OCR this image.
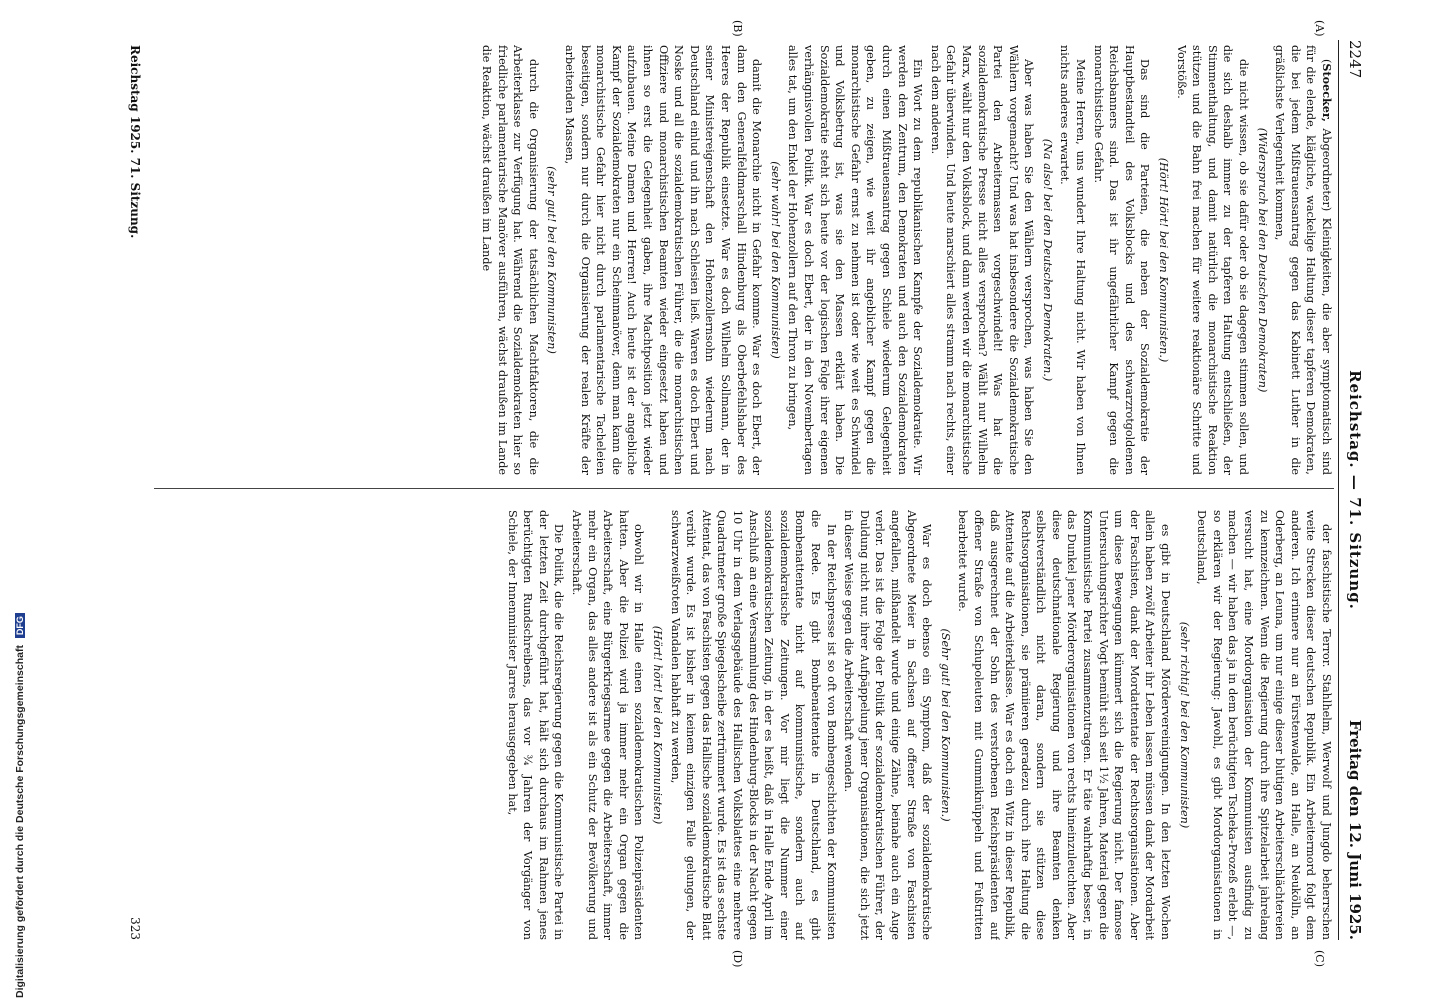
2247
Reichstag. — 71. Sitzung.
Freitag den 12. Juni 1925.
(A)
(B)
(C)
(D)

(Stoecker, Abgeordneter) Kleinigkeiten, die aber symptomatisch sind für die elende, klägliche, wackelige Haltung dieser tapferen Demokraten, die bei jedem Mißtrauensantrag gegen das Kabinett Luther in die gräßlichste Verlegenheit kommen,

(Widerspruch bei den Deutschen Demokraten)

die nicht wissen, ob sie dafür oder ob sie dagegen stimmen sollen, und die sich deshalb immer zu der tapferen Haltung entschließen, der Stimmenthaltung, und damit natürlich die monarchistische Reaktion stützen und die Bahn frei machen für weitere reaktionäre Schritte und Vorstöße.

(Hört! Hört! bei den Kommunisten.)

Das sind die Parteien, die neben der Sozialdemokratie der Hauptbestandteil des Volksblocks und des schwarzrotgoldenen Reichsbanners sind. Das ist ihr ungefährlicher Kampf gegen die monarchistische Gefahr.

Meine Herren, uns wundert Ihre Haltung nicht. Wir haben von Ihnen nichts anderes erwartet.

(Na also! bei den Deutschen Demokraten.)

Aber was haben Sie den Wählern versprochen, was haben Sie den Wählern vorgemacht? Und was hat insbesondere die Sozialdemokratische Partei den Arbeitermassen vorgeschwindelt! Was hat die sozialdemokratische Presse nicht alles versprochen? Wählt nur Wilhelm Marx, wählt nur den Volksblock, und dann werden wir die monarchistische Gefahr überwinden. Und heute marschiert alles stramm nach rechts, einer nach dem anderen.

Ein Wort zu dem republikanischen Kampfe der Sozialdemokratie. Wir werden dem Zentrum, den Demokraten und auch den Sozialdemokraten durch einen Mißtrauensantrag gegen Schiele wiederum Gelegenheit geben, zu zeigen, wie weit ihr angeblicher Kampf gegen die monarchistische Gefahr ernst zu nehmen ist oder wie weit es Schwindel und Volksbetrug ist, was sie den Massen erklärt haben. Die Sozialdemokratie steht sich heute vor der logischen Folge ihrer eigenen verhängnisvollen Politik. War es doch Ebert, der in den Novembertagen alles tat, um den Enkel der Hohenzollern auf den Thron zu bringen,

(sehr wahr! bei den Kommunisten)

damit die Monarchie nicht in Gefahr komme. War es doch Ebert, der dann den Generalfeldmarschall Hindenburg als Oberbefehlshaber des Heeres der Republik einsetzte. War es doch Wilhelm Sollmann, der in seiner Ministereigenschaft den Hohenzollernsohn wiederum nach Deutschland einlud und ihn nach Schlesien ließ. Waren es doch Ebert und Noske und all die sozialdemokratischen Führer, die die monarchistischen Offiziere und monarchistischen Beamten wieder eingesetzt haben und ihnen so erst die Gelegenheit gaben, ihre Machtposition jetzt wieder aufzubauen. Meine Damen und Herren! Auch heute ist der angebliche Kampf der Sozialdemokraten nur ein Scheinmanöver, denn man kann die monarchistische Gefahr hier nicht durch parlamentarische Tacheleien beseitigen, sondern nur durch die Organisierung der realen Kräfte der arbeitenden Massen,

(sehr gut! bei den Kommunisten)

durch die Organisierung der tatsächlichen Machtfaktoren, die die Arbeiterklasse zur Verfügung hat. Während die Sozialdemokraten hier so friedliche parlamentarische Manöver ausführen, wächst draußen im Lande die Reaktion, wächst draußen im Lande

der faschistische Terror. Stahlhelm, Werwolf und Jungdo beherrschen weite Strecken dieser deutschen Republik. Ein Arbeitermord folgt dem anderen. Ich erinnere nur an Fürstenwalde, an Halle, an Neukölln, an Oderberg, an Leuna, um nur einige dieser blutigen Arbeiterschlächtereien zu kennzeichnen. Wenn die Regierung durch ihre Spitzelarbeit jahrelang versucht hat, eine Mordorganisation der Kommunisten ausfindig zu machen — wir haben das ja in dem berüchtigten Tscheka-Prozeß erlebt —, so erklären wir der Regierung: Jawohl, es gibt Mordorganisationen in Deutschland,

(sehr richtig! bei den Kommunisten)

es gibt in Deutschland Mördervereinigungen. In den letzten Wochen allein haben zwölf Arbeiter ihr Leben lassen müssen dank der Mordarbeit der Faschisten, dank der Mordattentate der Rechtsorganisationen. Aber um diese Bewegungen kümmert sich die Regierung nicht. Der famose Untersuchungsrichter Vogt bemüht sich seit 1½ Jahren, Material gegen die Kommunistische Partei zusammenzutragen. Er täte wahrhaftig besser, in das Dunkel jener Mörderorganisationen von rechts hineinzuleuchten. Aber diese deutschnationale Regierung und ihre Beamten denken selbstverständlich nicht daran, sondern sie stützen diese Rechtsorganisationen, sie prämiieren geradezu durch ihre Haltung die Attentate auf die Arbeiterklasse. War es doch ein Witz in dieser Republik, daß ausgerechnet der Sohn des verstorbenen Reichspräsidenten auf offener Straße von Schupoleuten mit Gummiknüppeln und Fußtritten bearbeitet wurde.

(Sehr gut! bei den Kommunisten.)

War es doch ebenso ein Symptom, daß der sozialdemokratische Abgeordnete Meier in Sachsen auf offener Straße von Faschisten angefallen, mißhandelt wurde und einige Zähne, beinahe auch ein Auge verlor. Das ist die Folge der Politik der sozialdemokratischen Führer, der Duldung nicht nur, ihrer Aufpäppelung jener Organisationen, die sich jetzt in dieser Weise gegen die Arbeiterschaft wenden.

In der Reichspresse ist so oft von Bombengeschichten der Kommunisten die Rede. Es gibt Bombenattentate in Deutschland, es gibt Bombenattentate nicht auf kommunistische, sondern auch auf sozialdemokratische Zeitungen. Vor mir liegt die Nummer einer sozialdemokratischen Zeitung, in der es heißt, daß in Halle Ende April im Anschluß an eine Versammlung des Hindenburg-Blocks in der Nacht gegen 10 Uhr in dem Verlagsgebäude des Hallischen Volksblattes eine mehrere Quadratmeter große Spiegelscheibe zertrümmert wurde. Es ist das sechste Attentat, das von Faschisten gegen das Hallische sozialdemokratische Blatt verübt wurde. Es ist bisher in keinem einzigen Falle gelungen, der schwarzweißroten Vandalen habhaft zu werden,

(Hört! hört! bei den Kommunisten)

obwohl wir in Halle einen sozialdemokratischen Polizeipräsidenten hatten. Aber die Polizei wird ja immer mehr ein Organ gegen die Arbeiterschaft, eine Bürgerkriegsarmee gegen die Arbeiterschaft, immer mehr ein Organ, das alles andere ist als ein Schutz der Bevölkerung und Arbeiterschaft.

Die Politik, die die Reichsregierung gegen die Kommunistische Partei in der letzten Zeit durchgeführt hat, hält sich durchaus im Rahmen jenes berüchtigten Rundschreibens, das vor ¾ Jahren der Vorgänger von Schiele, der Innenminister Jarres herausgegeben hat,

Reichstag 1925. 71. Sitzung.
323
Digitalisierung gefördert durch die Deutsche Forschungsgemeinschaft DFG
